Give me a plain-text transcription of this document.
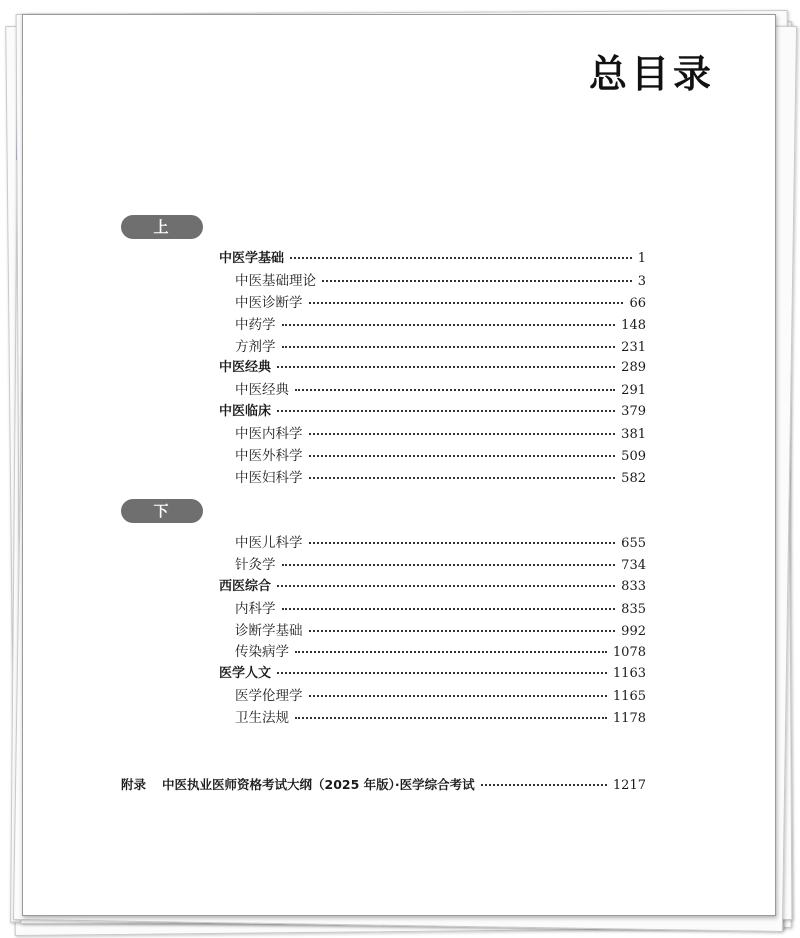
总目录
上 册	中医学基础	1
中医基础理论	3
中医诊断学	66
中药学	148
方剂学	231
中医经典	289
中医经典	291
中医临床	379
中医内科学	381
中医外科学	509
中医妇科学	582
下 册	中医儿科学	655
针灸学	734
西医综合	833
内科学	835
诊断学基础	992
传染病学	1078
医学人文	1163
医学伦理学	1165
卫生法规	1178
附录 中医执业医师资格考试大纲（2025 年版）·医学综合考试	1217
